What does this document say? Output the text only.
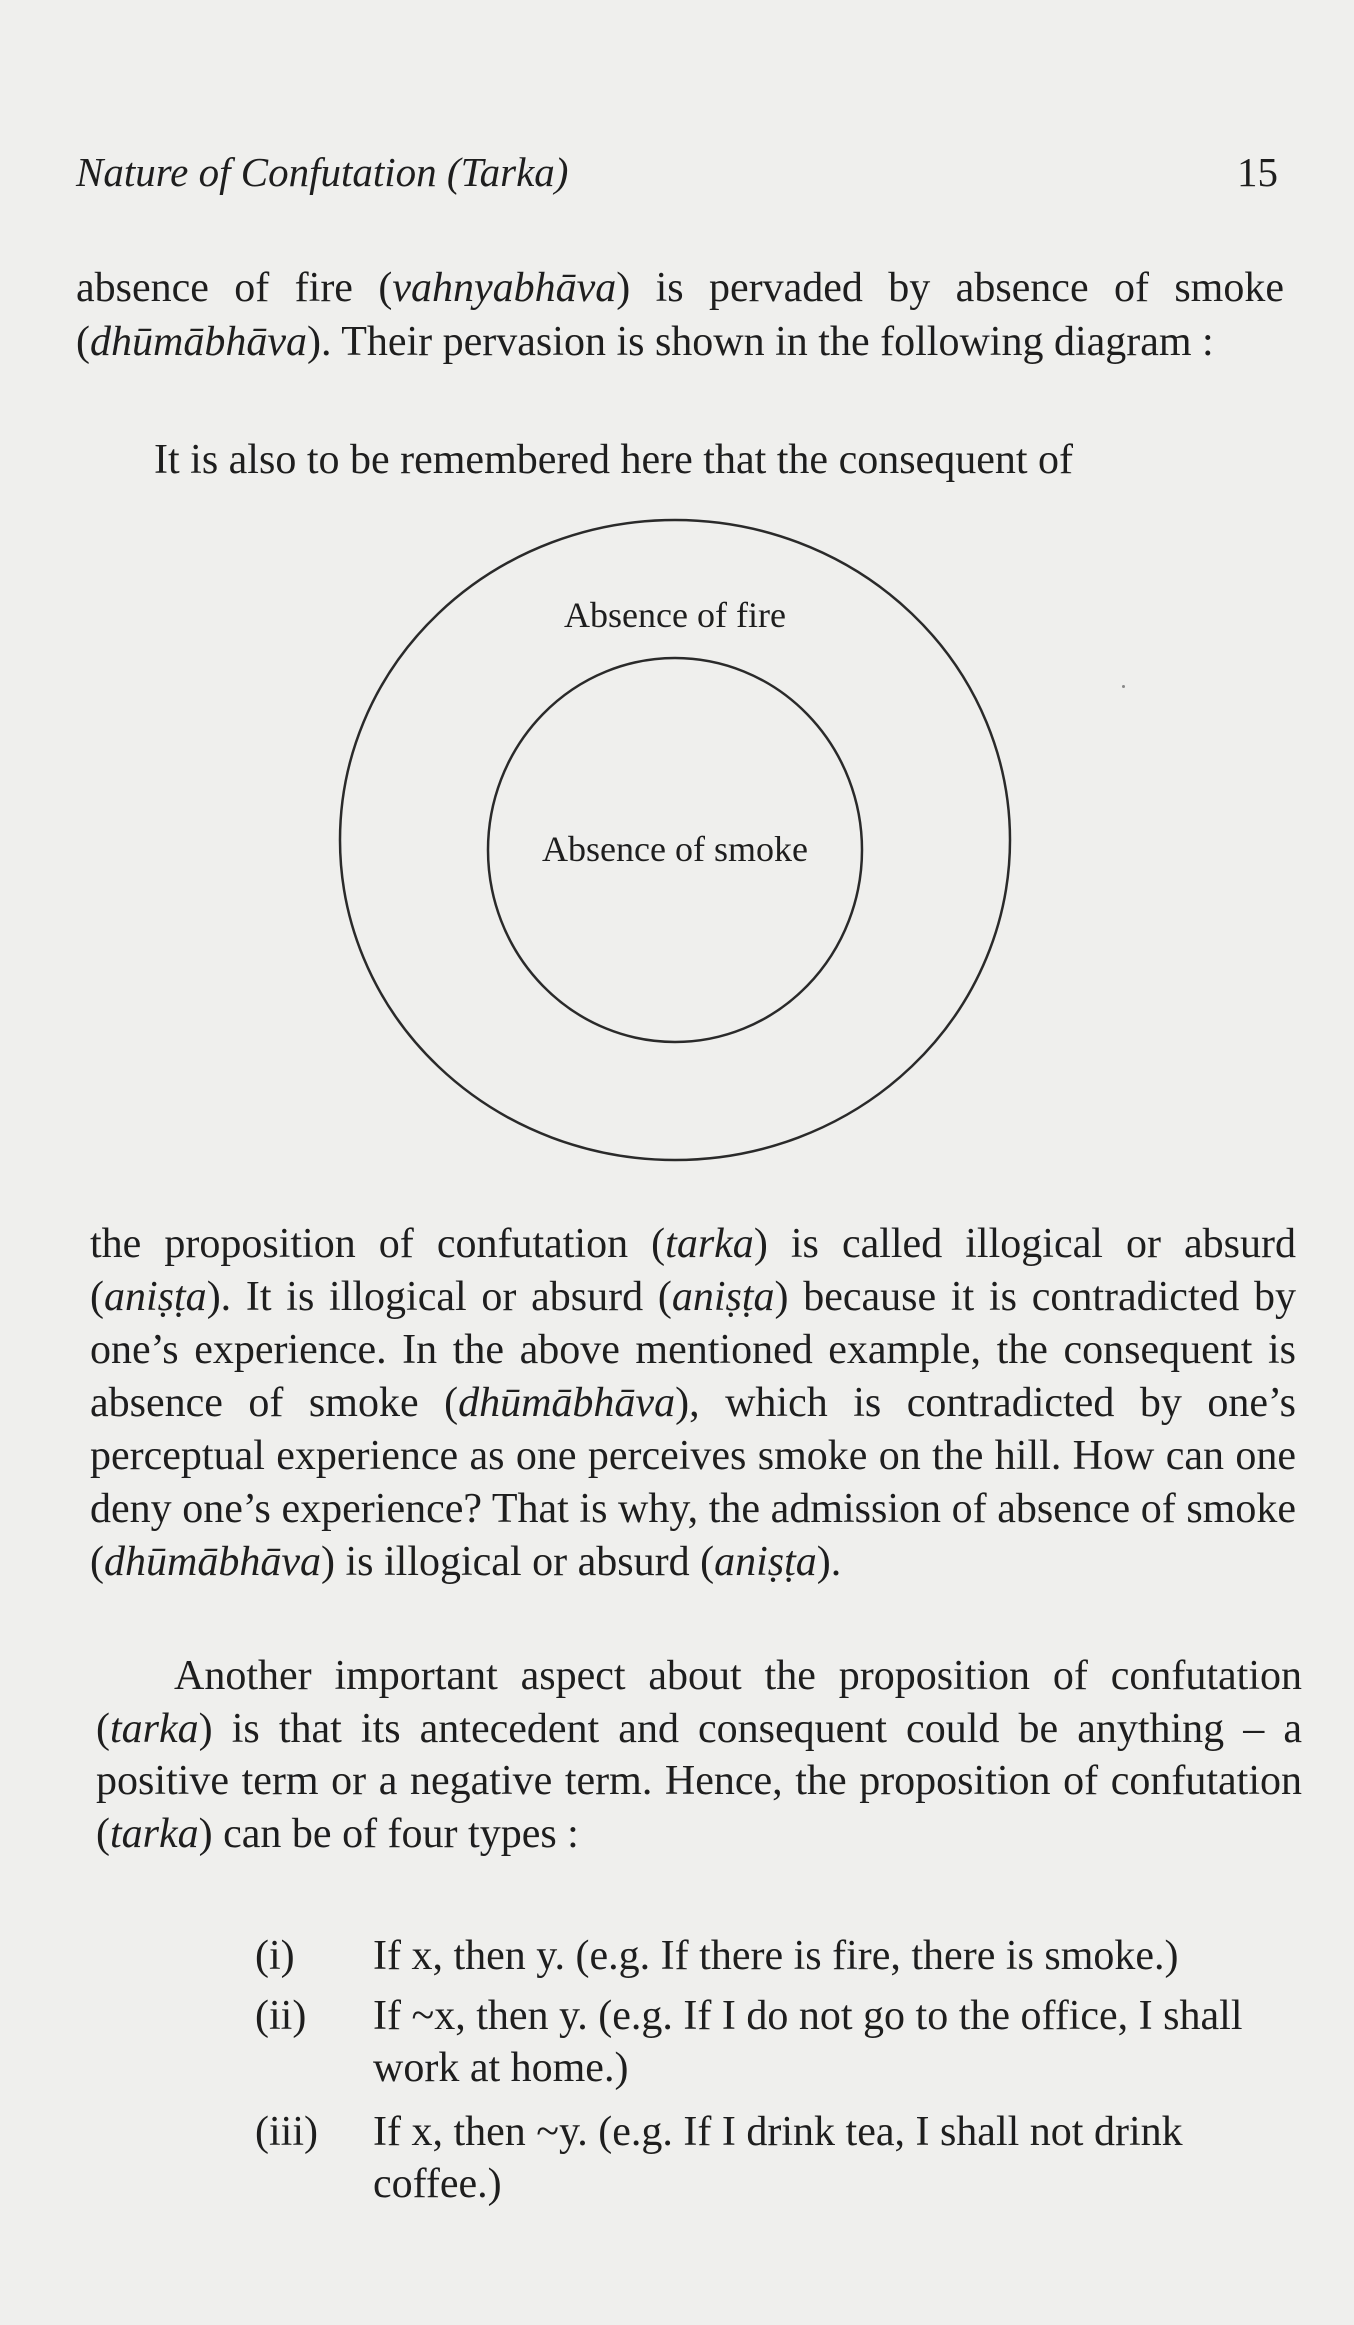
Nature of Confutation (Tarka)	15
absence of fire (vahnyabhāva) is pervaded by absence of smoke (dhūmābhāva). Their pervasion is shown in the following diagram :
It is also to be remembered here that the consequent of
Absence of fire
Absence of smoke
the proposition of confutation (tarka) is called illogical or absurd (aniṣṭa). It is illogical or absurd (aniṣṭa) because it is contradicted by one’s experience. In the above mentioned example, the consequent is absence of smoke (dhūmābhāva), which is contradicted by one’s perceptual experience as one perceives smoke on the hill. How can one deny one’s experience? That is why, the admission of absence of smoke (dhūmābhāva) is illogical or absurd (aniṣṭa).
Another important aspect about the proposition of confutation (tarka) is that its antecedent and consequent could be anything – a positive term or a negative term. Hence, the proposition of confutation (tarka) can be of four types :
(i) If x, then y. (e.g. If there is fire, there is smoke.)
(ii) If ~x, then y. (e.g. If I do not go to the office, I shall work at home.)
(iii) If x, then ~y. (e.g. If I drink tea, I shall not drink coffee.)
